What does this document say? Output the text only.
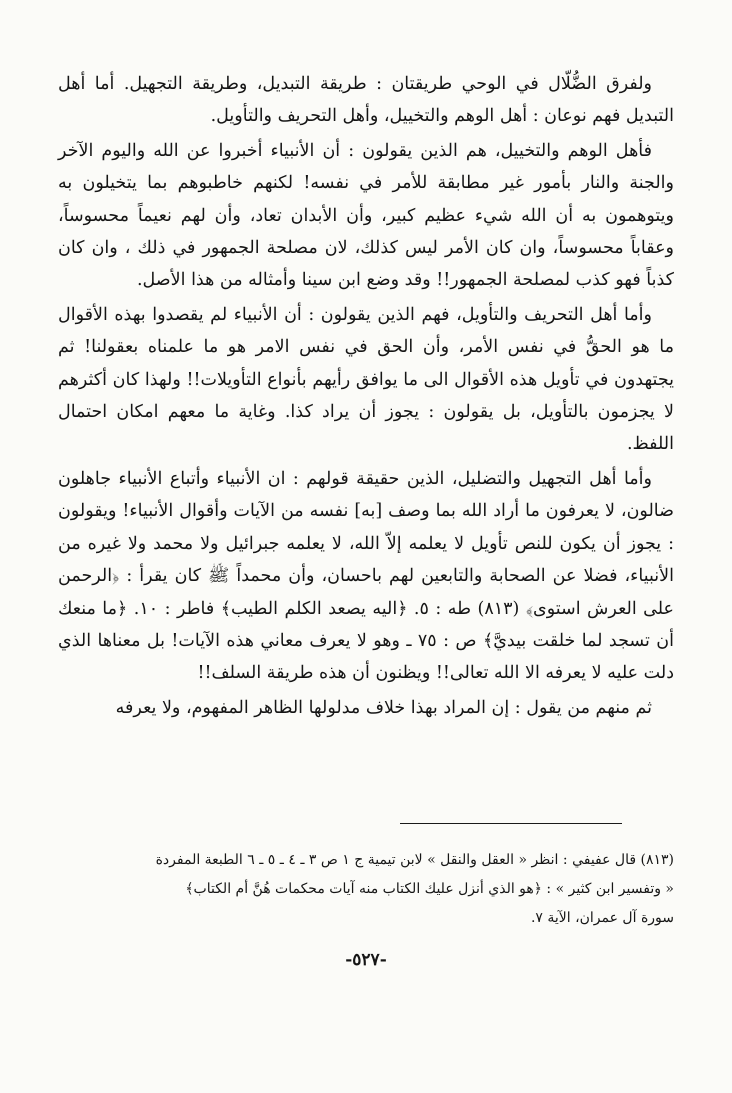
ولفرق الضُّلّال في الوحي طريقتان : طريقة التبديل، وطريقة التجهيل. أما أهل التبديل فهم نوعان : أهل الوهم والتخييل، وأهل التحريف والتأويل.

فأهل الوهم والتخييل، هم الذين يقولون : أن الأنبياء أخبروا عن الله واليوم الآخر والجنة والنار بأمور غير مطابقة للأمر في نفسه! لكنهم خاطبوهم بما يتخيلون به ويتوهمون به أن الله شيء عظيم كبير، وأن الأبدان تعاد، وأن لهم نعيماً محسوساً، وعقاباً محسوساً، وان كان الأمر ليس كذلك، لان مصلحة الجمهور في ذلك ، وان كان كذباً فهو كذب لمصلحة الجمهور!! وقد وضع ابن سينا وأمثاله من هذا الأصل.

وأما أهل التحريف والتأويل، فهم الذين يقولون : أن الأنبياء لم يقصدوا بهذه الأقوال ما هو الحقُّ في نفس الأمر، وأن الحق في نفس الامر هو ما علمناه بعقولنا! ثم يجتهدون في تأويل هذه الأقوال الى ما يوافق رأيهم بأنواع التأويلات!! ولهذا كان أكثرهم لا يجزمون بالتأويل، بل يقولون : يجوز أن يراد كذا. وغاية ما معهم امكان احتمال اللفظ.

وأما أهل التجهيل والتضليل، الذين حقيقة قولهم : ان الأنبياء وأتباع الأنبياء جاهلون ضالون، لا يعرفون ما أراد الله بما وصف [به] نفسه من الآيات وأقوال الأنبياء! ويقولون : يجوز أن يكون للنص تأويل لا يعلمه إلاّ الله، لا يعلمه جبرائيل ولا محمد ولا غيره من الأنبياء، فضلا عن الصحابة والتابعين لهم باحسان، وأن محمداً ﷺ كان يقرأ : ﴿الرحمن على العرش استوى﴾ (٨١٣) طه : ٥. ﴿اليه يصعد الكلم الطيب﴾ فاطر : ١٠. ﴿ما منعك أن تسجد لما خلقت بيديَّ﴾ ص : ٧٥ ـ وهو لا يعرف معاني هذه الآيات! بل معناها الذي دلت عليه لا يعرفه الا الله تعالى!! ويظنون أن هذه طريقة السلف!!

ثم منهم من يقول : إن المراد بهذا خلاف مدلولها الظاهر المفهوم، ولا يعرفه

(٨١٣) قال عفيفي : انظر « العقل والنقل » لابن تيمية ج ١ ص ٣ ـ ٤ ـ ٥ ـ ٦ الطبعة المفردة
« وتفسير ابن كثير » : ﴿هو الذي أنزل عليك الكتاب منه آيات محكمات هُنَّ أم الكتاب﴾
سورة آل عمران، الآية ٧.
-٥٢٧-
